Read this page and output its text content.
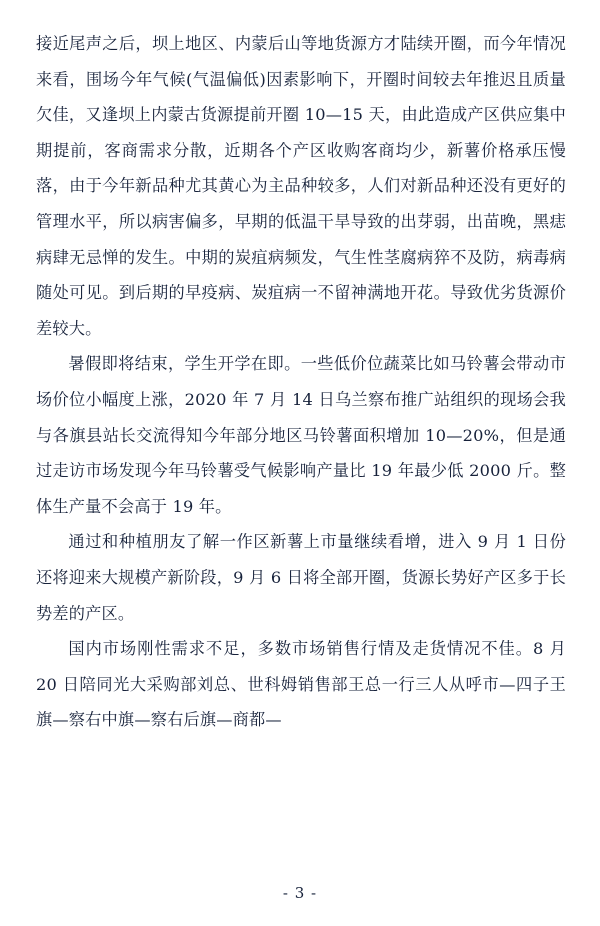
接近尾声之后，坝上地区、内蒙后山等地货源方才陆续开圈，而今年情况来看，围场今年气候(气温偏低)因素影响下，开圈时间较去年推迟且质量欠佳，又逢坝上内蒙古货源提前开圈 10—15 天，由此造成产区供应集中期提前，客商需求分散，近期各个产区收购客商均少，新薯价格承压慢落，由于今年新品种尤其黄心为主品种较多，人们对新品种还没有更好的管理水平，所以病害偏多，早期的低温干旱导致的出芽弱，出苗晚，黑痣病肆无忌惮的发生。中期的炭疽病频发，气生性茎腐病猝不及防，病毒病随处可见。到后期的早疫病、炭疽病一不留神满地开花。导致优劣货源价差较大。

暑假即将结束，学生开学在即。一些低价位蔬菜比如马铃薯会带动市场价位小幅度上涨，2020 年 7 月 14 日乌兰察布推广站组织的现场会我与各旗县站长交流得知今年部分地区马铃薯面积增加 10—20%，但是通过走访市场发现今年马铃薯受气候影响产量比 19 年最少低 2000 斤。整体生产量不会高于 19 年。

通过和种植朋友了解一作区新薯上市量继续看增，进入 9 月 1 日份还将迎来大规模产新阶段，9 月 6 日将全部开圈，货源长势好产区多于长势差的产区。

国内市场刚性需求不足，多数市场销售行情及走货情况不佳。8 月 20 日陪同光大采购部刘总、世科姆销售部王总一行三人从呼市—四子王旗—察右中旗—察右后旗—商都—

- 3 -
